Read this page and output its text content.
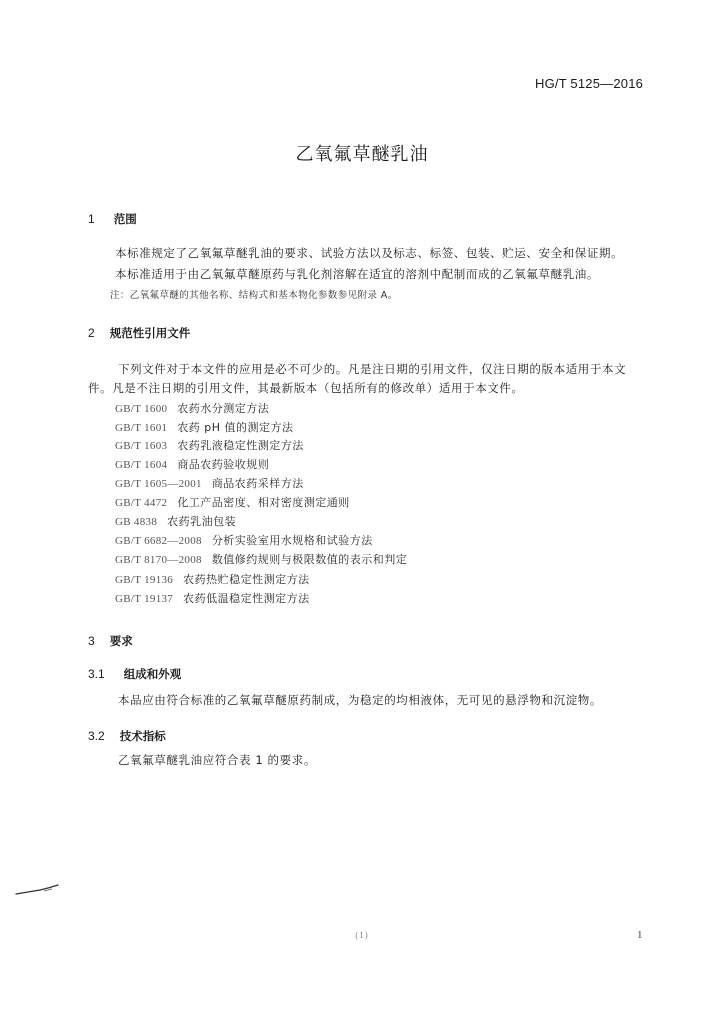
HG/T 5125—2016
乙氧氟草醚乳油
1 范围
本标准规定了乙氧氟草醚乳油的要求、试验方法以及标志、标签、包装、贮运、安全和保证期。
本标准适用于由乙氧氟草醚原药与乳化剂溶解在适宜的溶剂中配制而成的乙氧氟草醚乳油。
注：乙氧氟草醚的其他名称、结构式和基本物化参数参见附录 A。
2 规范性引用文件
下列文件对于本文件的应用是必不可少的。凡是注日期的引用文件，仅注日期的版本适用于本文
件。凡是不注日期的引用文件，其最新版本（包括所有的修改单）适用于本文件。
GB/T 1600 农药水分测定方法
GB/T 1601 农药 pH 值的测定方法
GB/T 1603 农药乳液稳定性测定方法
GB/T 1604 商品农药验收规则
GB/T 1605—2001 商品农药采样方法
GB/T 4472 化工产品密度、相对密度测定通则
GB 4838 农药乳油包装
GB/T 6682—2008 分析实验室用水规格和试验方法
GB/T 8170—2008 数值修约规则与极限数值的表示和判定
GB/T 19136 农药热贮稳定性测定方法
GB/T 19137 农药低温稳定性测定方法
3 要求
3.1 组成和外观
本品应由符合标准的乙氧氟草醚原药制成，为稳定的均相液体，无可见的悬浮物和沉淀物。
3.2 技术指标
乙氧氟草醚乳油应符合表 1 的要求。
(1)	1
